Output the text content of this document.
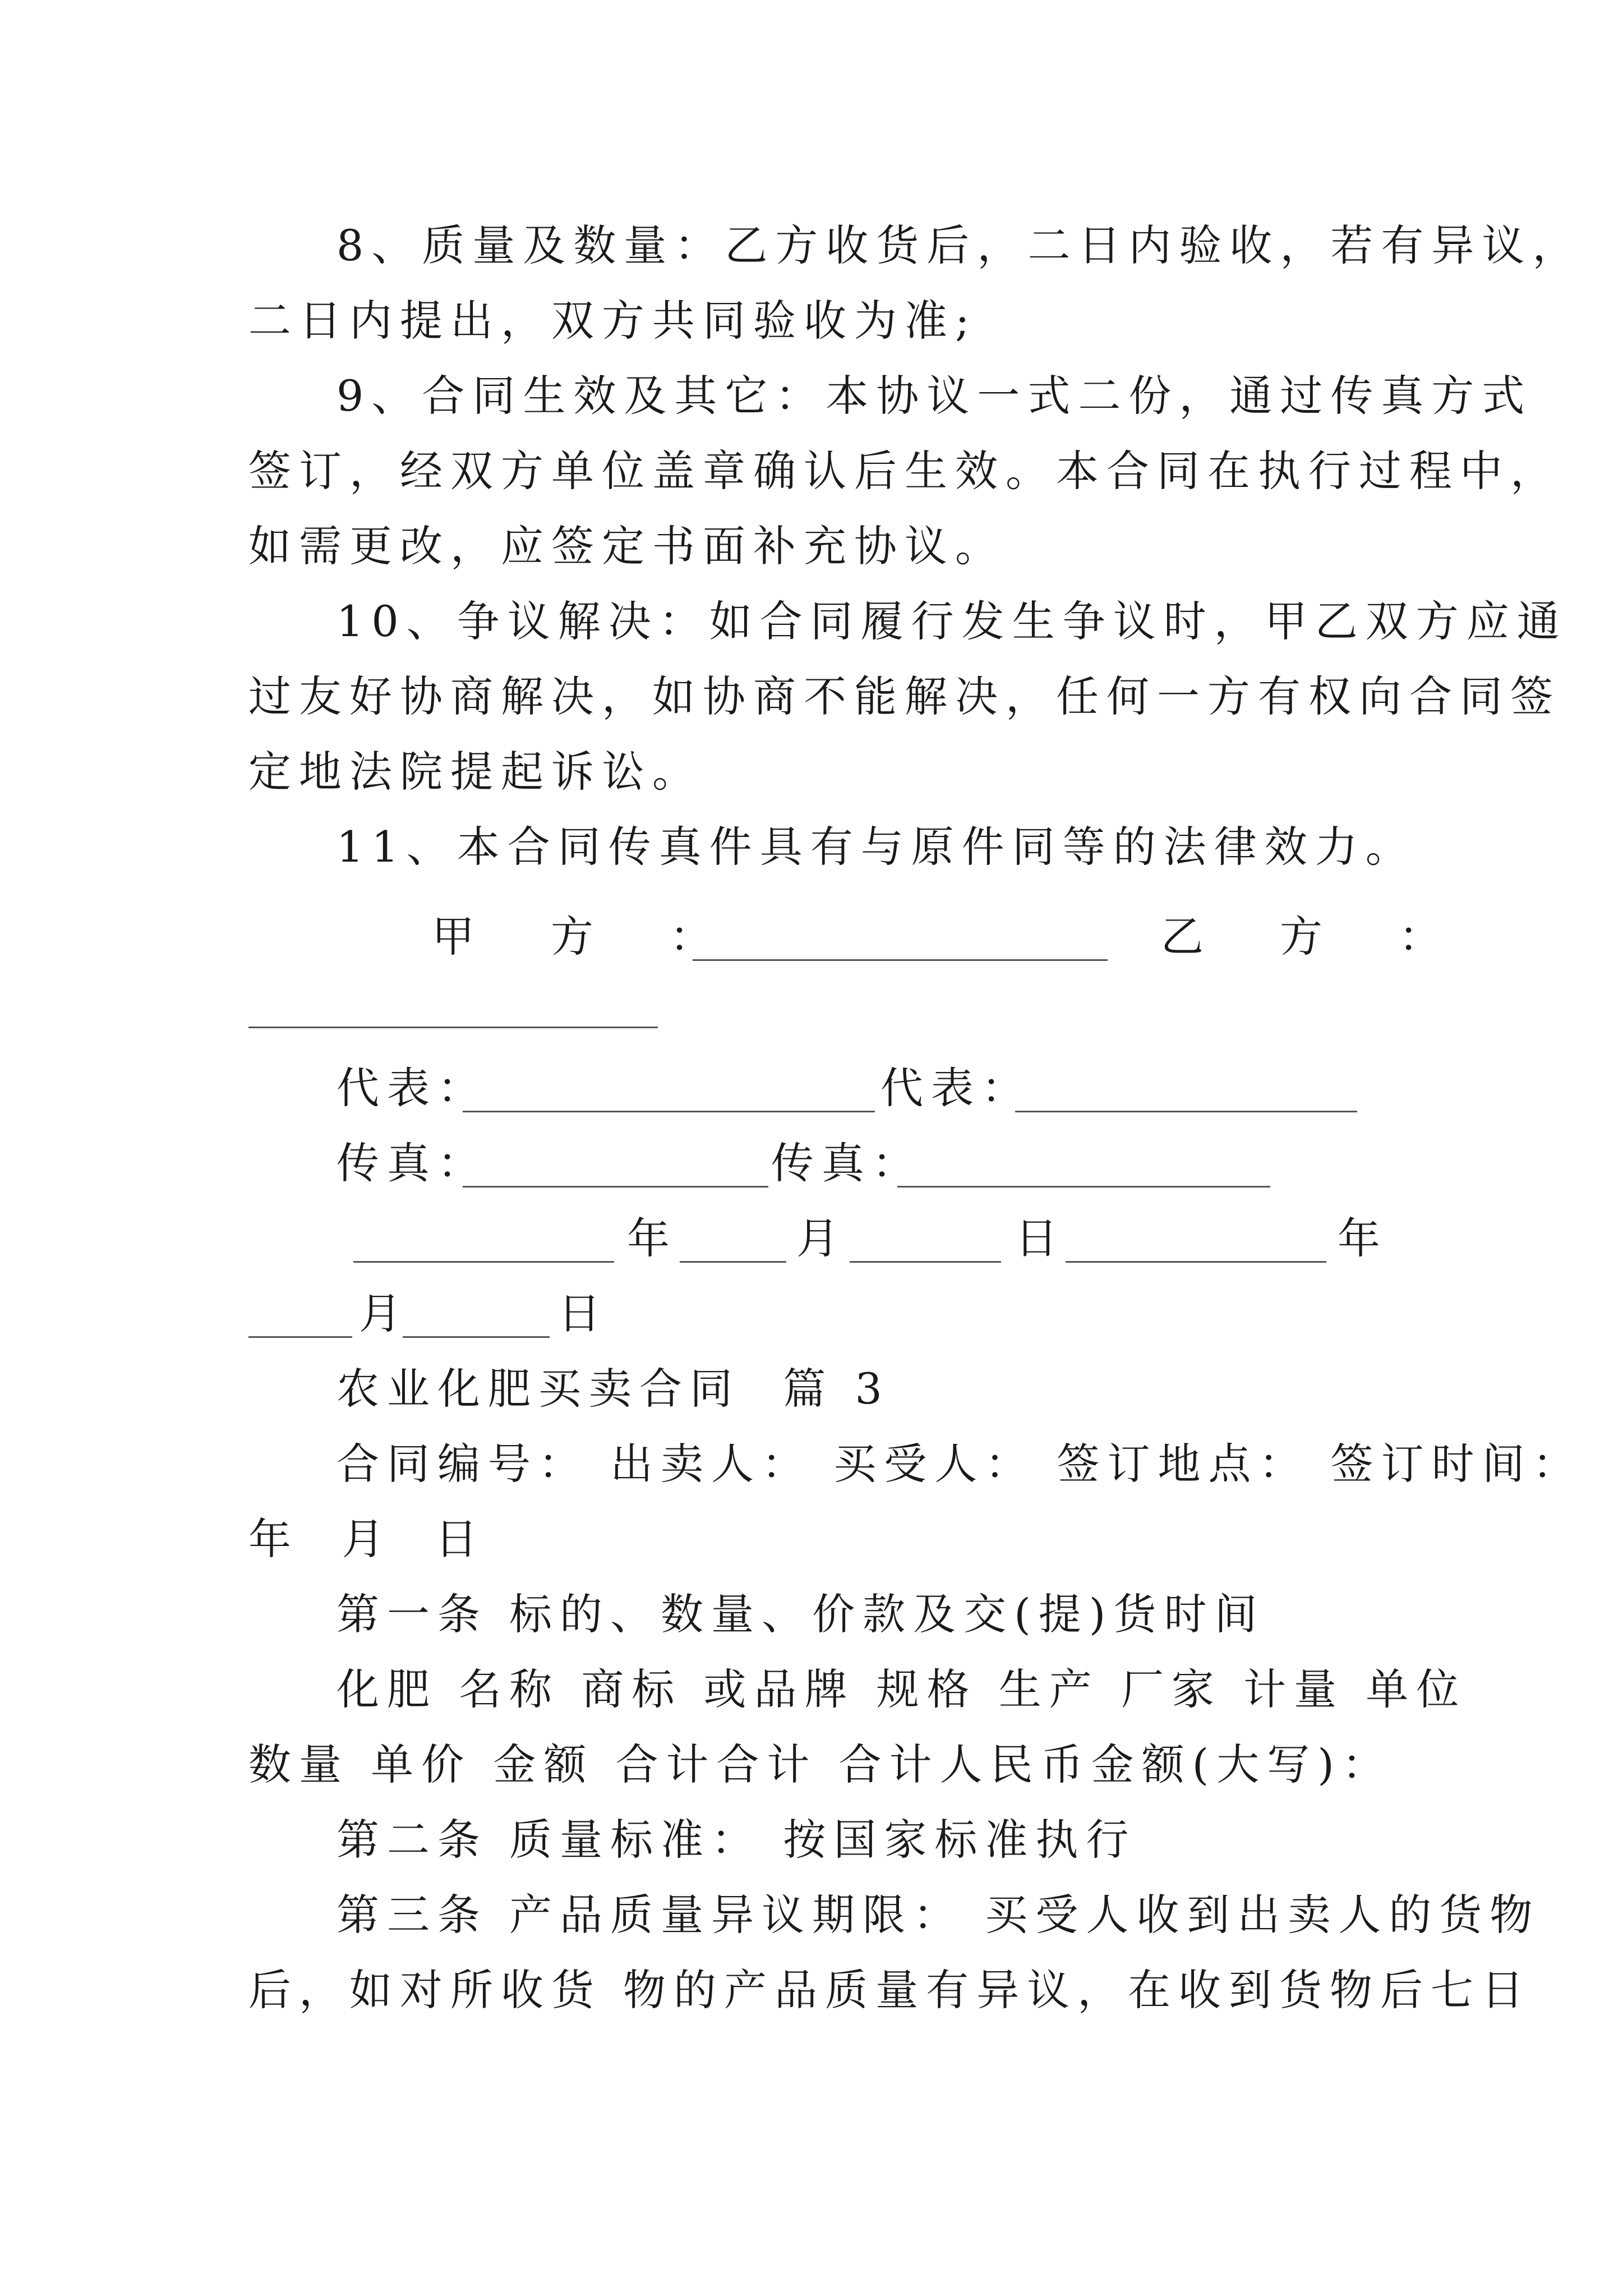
8、质量及数量：乙方收货后，二日内验收，若有异议，
二日内提出，双方共同验收为准;
9、合同生效及其它：本协议一式二份，通过传真方式
签订，经双方单位盖章确认后生效。本合同在执行过程中，
如需更改，应签定书面补充协议。
10、争议解决：如合同履行发生争议时，甲乙双方应通
过友好协商解决，如协商不能解决，任何一方有权向合同签
定地法院提起诉讼。
11、本合同传真件具有与原件同等的法律效力。
甲　方　：	乙　方　：
代表：	代表：
传真：	传真：
年	月	日	年
月	日
农业化肥买卖合同  篇 3
合同编号： 出卖人： 买受人： 签订地点： 签订时间：
年  月  日
第一条 标的、数量、价款及交(提)货时间
化肥 名称 商标 或品牌 规格 生产 厂家 计量 单位
数量 单价 金额 合计合计 合计人民币金额(大写)：
第二条 质量标准： 按国家标准执行
第三条 产品质量异议期限： 买受人收到出卖人的货物
后，如对所收货 物的产品质量有异议，在收到货物后七日
